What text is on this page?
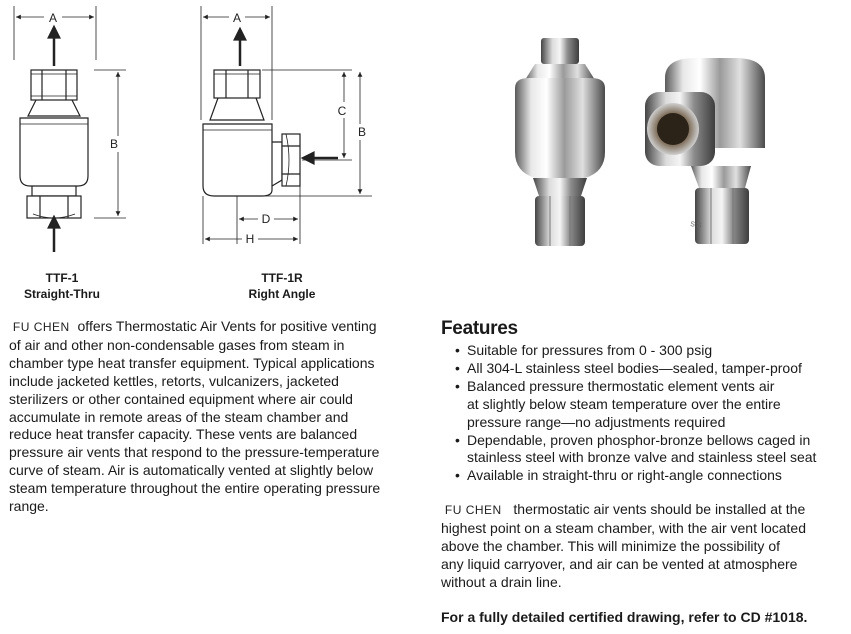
A
B
A
C
B
D
H
TTF-1
Straight-Thru
TTF-1R
Right Angle
S S
FU CHEN offers Thermostatic Air Vents for positive venting
of air and other non-condensable gases from steam in
chamber type heat transfer equipment. Typical applications
include jacketed kettles, retorts, vulcanizers, jacketed
sterilizers or other contained equipment where air could
accumulate in remote areas of the steam chamber and
reduce heat transfer capacity. These vents are balanced
pressure air vents that respond to the pressure-temperature
curve of steam. Air is automatically vented at slightly below
steam temperature throughout the entire operating pressure
range.
Features
• Suitable for pressures from 0 - 300 psig
• All 304-L stainless steel bodies—sealed, tamper-proof
• Balanced pressure thermostatic element vents air
at slightly below steam temperature over the entire
pressure range—no adjustments required
• Dependable, proven phosphor-bronze bellows caged in
stainless steel with bronze valve and stainless steel seat
• Available in straight-thru or right-angle connections
FU CHEN thermostatic air vents should be installed at the
highest point on a steam chamber, with the air vent located
above the chamber. This will minimize the possibility of
any liquid carryover, and air can be vented at atmosphere
without a drain line.
For a fully detailed certified drawing, refer to CD #1018.
